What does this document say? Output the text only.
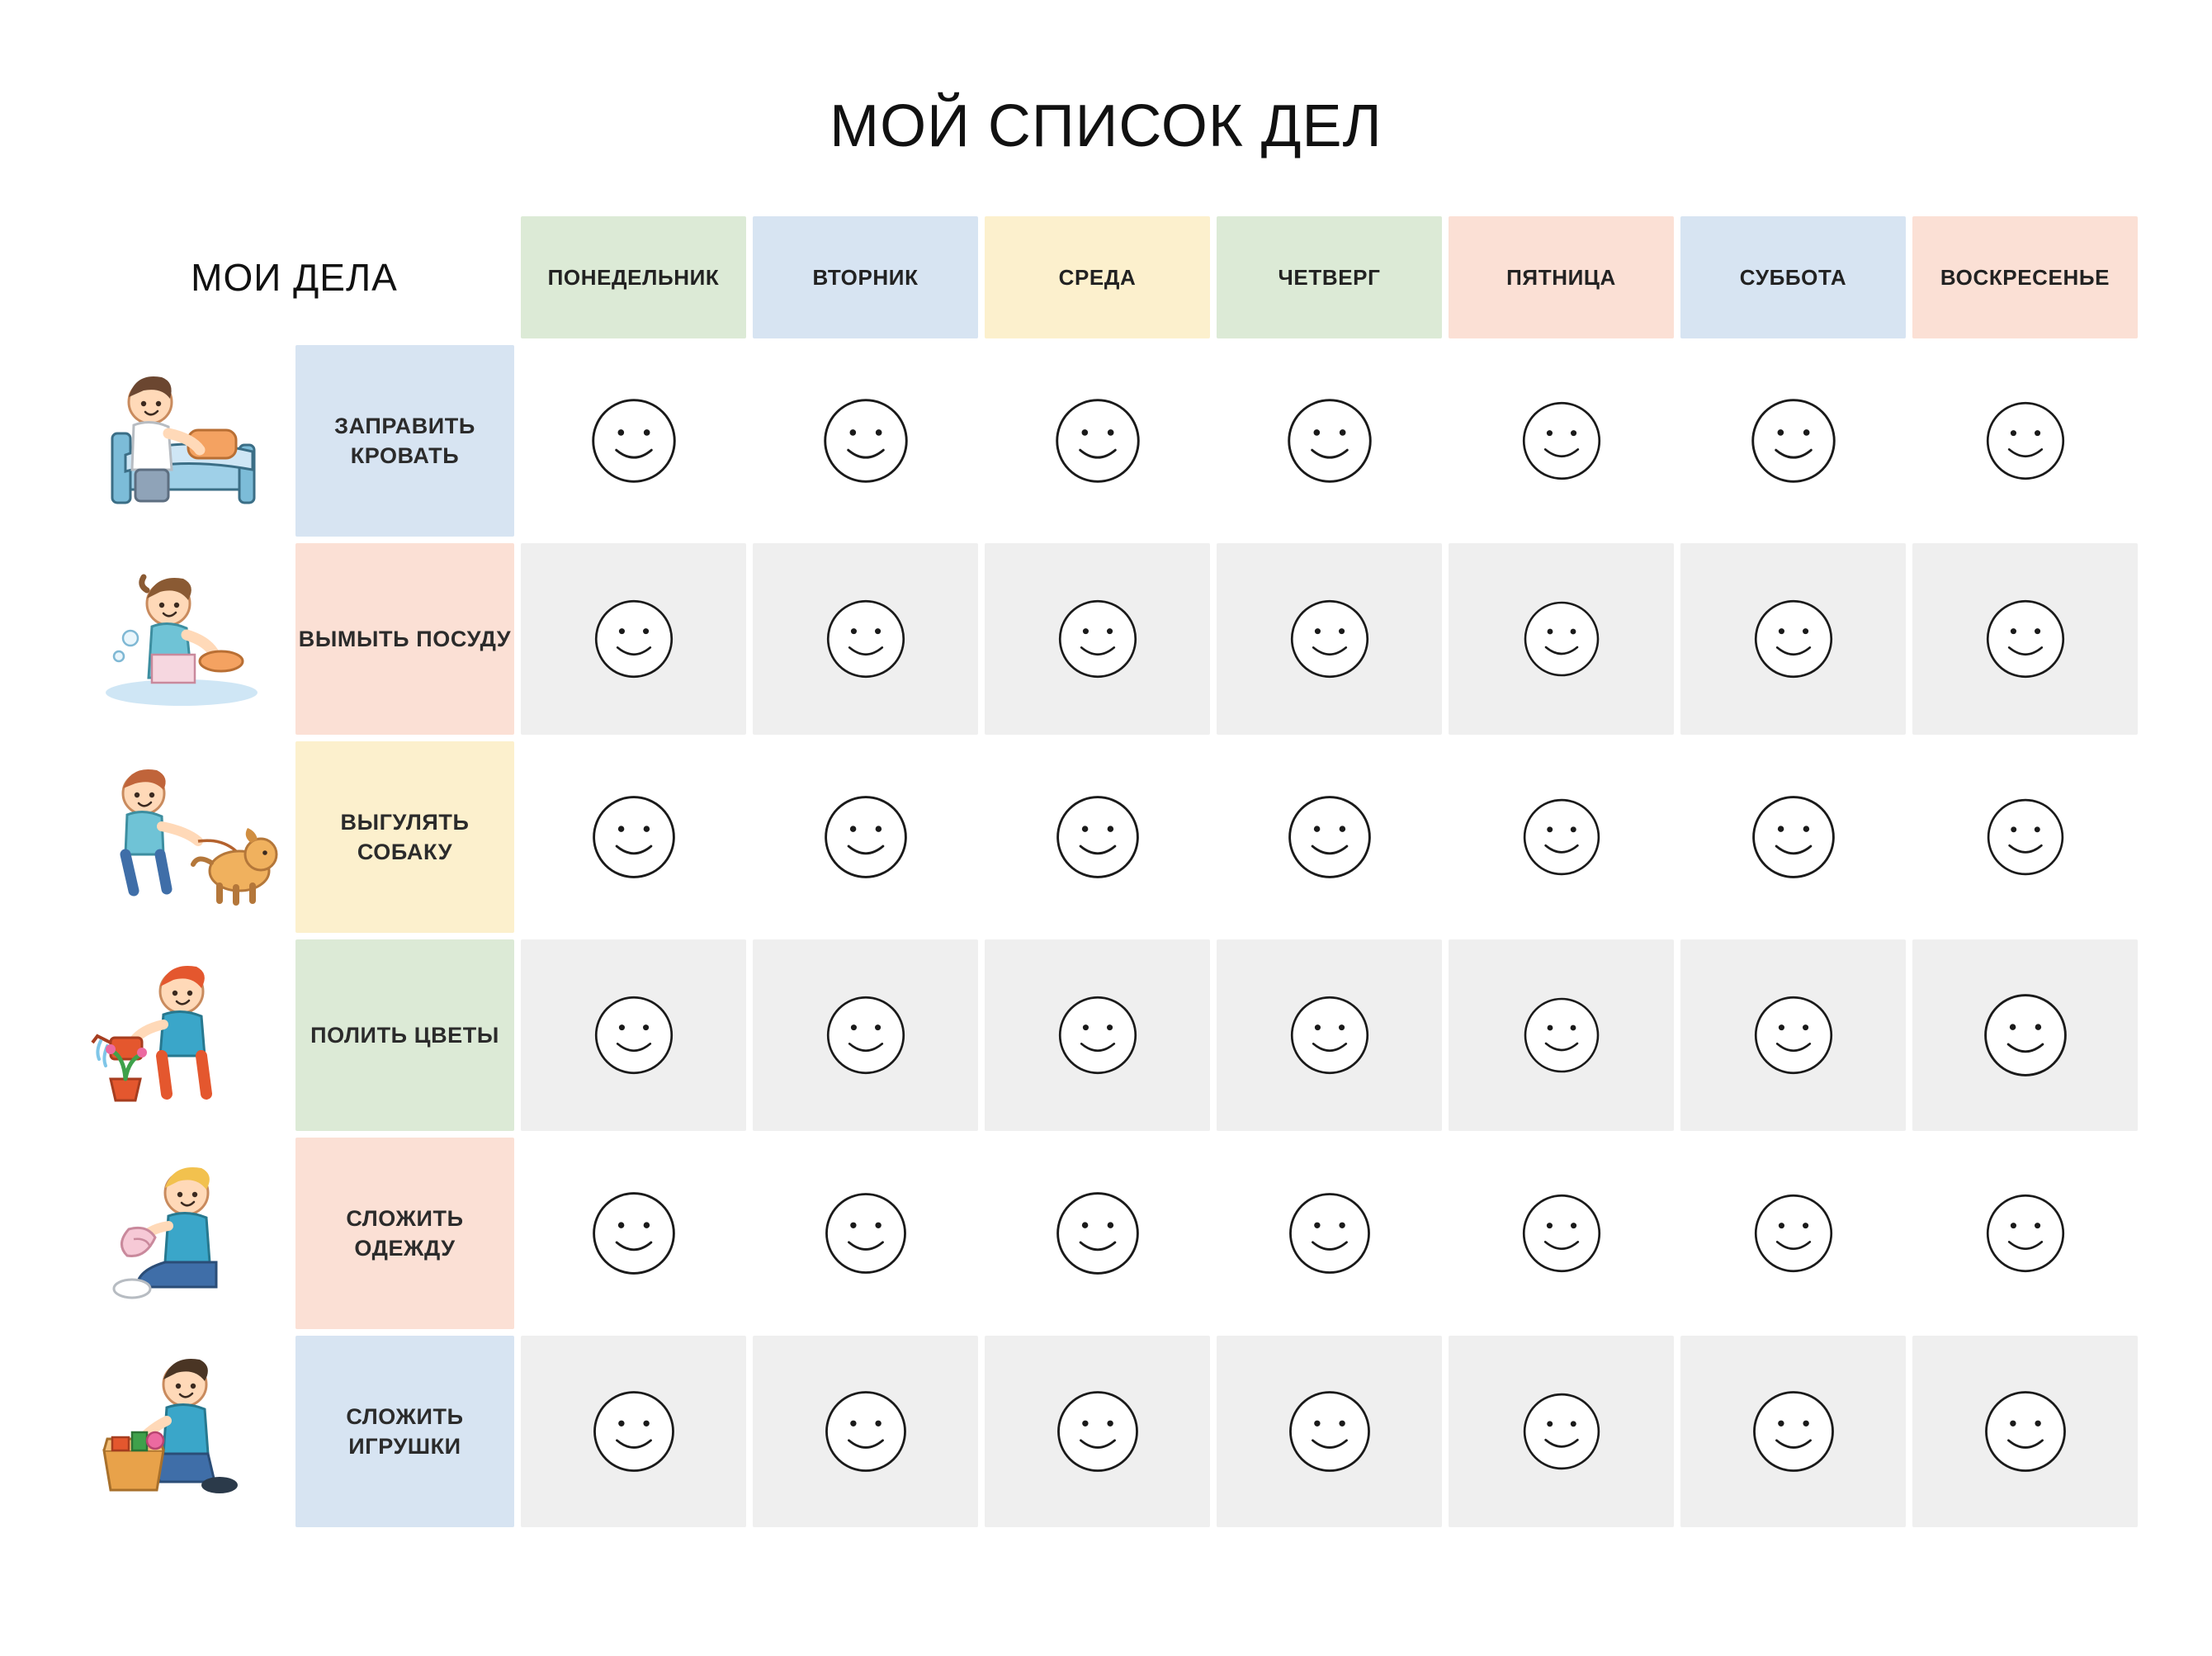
МОЙ СПИСОК ДЕЛ
МОИ ДЕЛА		ПОНЕДЕЛЬНИК	ВТОРНИК	СРЕДА	ЧЕТВЕРГ	ПЯТНИЦА	СУББОТА	ВОСКРЕСЕНЬЕ

	ЗАПРАВИТЬ КРОВАТЬ	

	ВЫМЫТЬ ПОСУДУ	

	ВЫГУЛЯТЬ СОБАКУ	

	ПОЛИТЬ ЦВЕТЫ	

	СЛОЖИТЬ ОДЕЖДУ	

	СЛОЖИТЬ ИГРУШКИ	
